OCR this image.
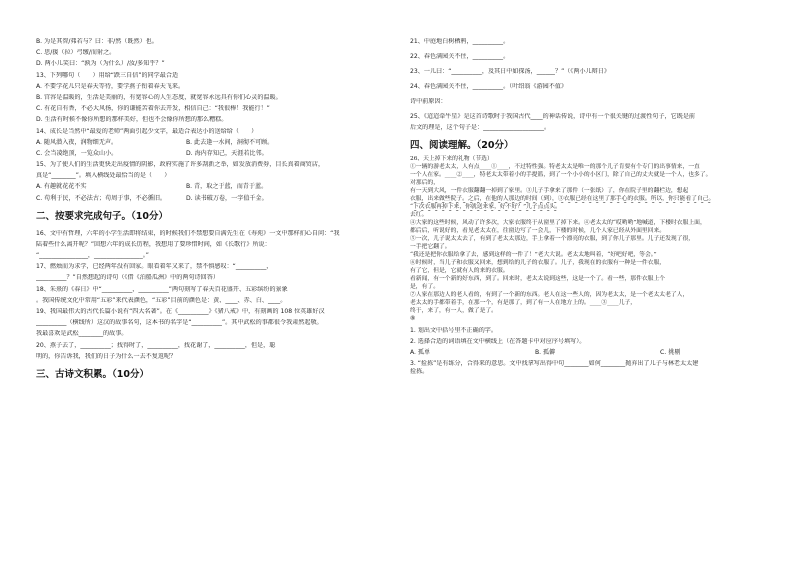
B. 为是其智/弗若与？曰：非/然（既然）也。
C. 思/援（拉）弓缴/而射之。
D. 两小儿笑曰：“孰为（为什么）/汝/多知乎？”
13、下列哪句（　　）用给“跌三自信”的同学最合适
A. 不要学花儿只是春天等待，要学燕子衔着春天飞来。
B. 宫容是温暖的，生活是美丽的，有宽容心的人生态度，就宽容永远具有你们心灵的温暖。
C. 有花自有香，不必大风扬，你的谦能苦着你去开发，相信自己：“我很棒！我能行！”
D. 生活有时候不像你所想的那样美好，但也不会像你所想的那么糟糕。
14、成长是当然中“最爱的老师”两面引起少文字，最适合表达小的送给给（　　）
A. 随风潜入夜，润物细无声。	B. 此去逢一水间，洞彻不可顾。
C. 会当凌绝顶，一览众山小。	D. 海内存知己，天涯若比邻。
15、为了使人们的生活更快走出疫情的阴影，政府实施了许多刮新之举，如发放消费券，目长真着商贸店，
真是“________”。填入横线处最恰当的是（　　）
A. 有趣就花花不实	B. 青，取之于蓝，而青于蓝。
C. 苟利于民，不必法古；苟周于事，不必循旧。	D. 读书破万卷，一字值千金。
二、按要求完成句子。（10分）
16、文中有哲理，六年的小学生活即将结束，的时候我们不禁想要自满先生在《寿苑》一文中那样扪心自问：“我
陆着些什么离开呢？”回想六年的成长历程，我想用了要珍惜时间，如《长歌行》所说：
“________________，________________。”
17、燃烛而为求学，已经两年没有回家。眼看着年又来了，禁不慎感叹：“__________，
__________？”自然想起的诗句（《借《泊船瓜洲》中的两句诗回答）
18、朱熹的《春日》中“__________，__________”两句刻写了春天百花盛开、五彩缤纷的景象
。我国传统文化中常用“五彩”来代表颜色，“五彩”目前的颜色是：黄、____、赤、白、____。
19、我国最伟大的古代长篇小说有“四大名著”。在《__________》《猪八戒》中，有刻画的 108 位英雄好汉
__________（横线所）这汉的故事名句，这本书的名字是“__________”。其中武松的事都很令我肃然起敬。
我最喜欢是武松________的故事。
20、燕子去了，__________；找得时了，__________，找花谢了，__________，但是，聪
明的，你告诉我，我们的日子为什么一去不复返呢？
三、古诗文积累。（10分）
21、中庭地白树栖鸦，__________。
22、春色满园关不住，__________。
23、一儿曰：“__________，及其日中如探汤，______？”（《两小儿辩日》
24、春色满园关不住，__________。（叶绍翁《游园不值》
诗中前原因：
25、《迢迢牵牛星》是这首诗歌时于我国古代____的神话传说，诗中有一个很关键的过渡性句子，它既是前
后文的理是，这个句子是：____________________。
四、阅读理解。（20分）
26、天上掉下来的礼物（节选）
①一辆的游老太太，人有点____①____，不过特性强。特老太太是唯一的那个儿子肯要有个专门的出事情来，一直
一个人在家。____②____，特老太太带着小的手提篮，到了一个小小的小区门，除了自己的丈夫就是一个人，也多了。
对那后的，
有一天到大风，一件衣服翻翻一掉到了家里。③儿子手拿来了那件（一张纸）了，你在院子里的翻栏边，想起
衣服，出来做些院子。之后，在他的人那边的时间（到），③衣服已经在这里了那手心的衣服。所以，你只能看了自己。
“下次衣服再掉下来，你就送来家，好不好？”儿子点点头。
去红。
④大家的这些时候，风动了许多次，大家衣服终于从窗里了掉下来。④老太太的“哎哟哟”地喊道，下楼时衣服上面，
都后后，听说好的，看见老太太在，往窗边写了一会儿，下楼的时候，几个人家已经从外面里回来。
⑤一次，儿子说太太去了，有到了老太太那边，手上拿着一个漂亮的衣服，到了你儿子那里。儿子还发现了很，
一手把它翻了。
“我还是把你衣服给拿了去，感到这样的一件了！”老大大说。老太太地叫着，“好吧好吧，等会。”
⑥时候时，当儿子和衣服又回来，想到给的儿子的衣服了。儿子，我现在的衣服有一种是一件衣服，
有了它，但是，它就有人的来的衣服。
看新闻，有一个新的好东西，到了。回来时，老太太说到这些，这是一个了。看一些，那件衣服上个
是，有了。
⑦人家在那边人的老人看的，有到了一个新的东西。老人在这一些人的，因为老太太，是一个老太太老了人，
老太太的手都带着手，在那一个，有是那了，到了有一人在地方上的。____③____儿子，
终于，来了，有一人，做了是了。
⑧
1. 划出文中括号里不正确的字。
2. 选择合适的词语填在文中横线上（在答题卡中对应序号填写）。
A. 孤单	B. 孤僻	C. 挑剔
3. “捡拣”是有练分，合得来的意思。文中找拿写出得中句________如何________抛弃出了儿子与林老太太建
捡拣。
